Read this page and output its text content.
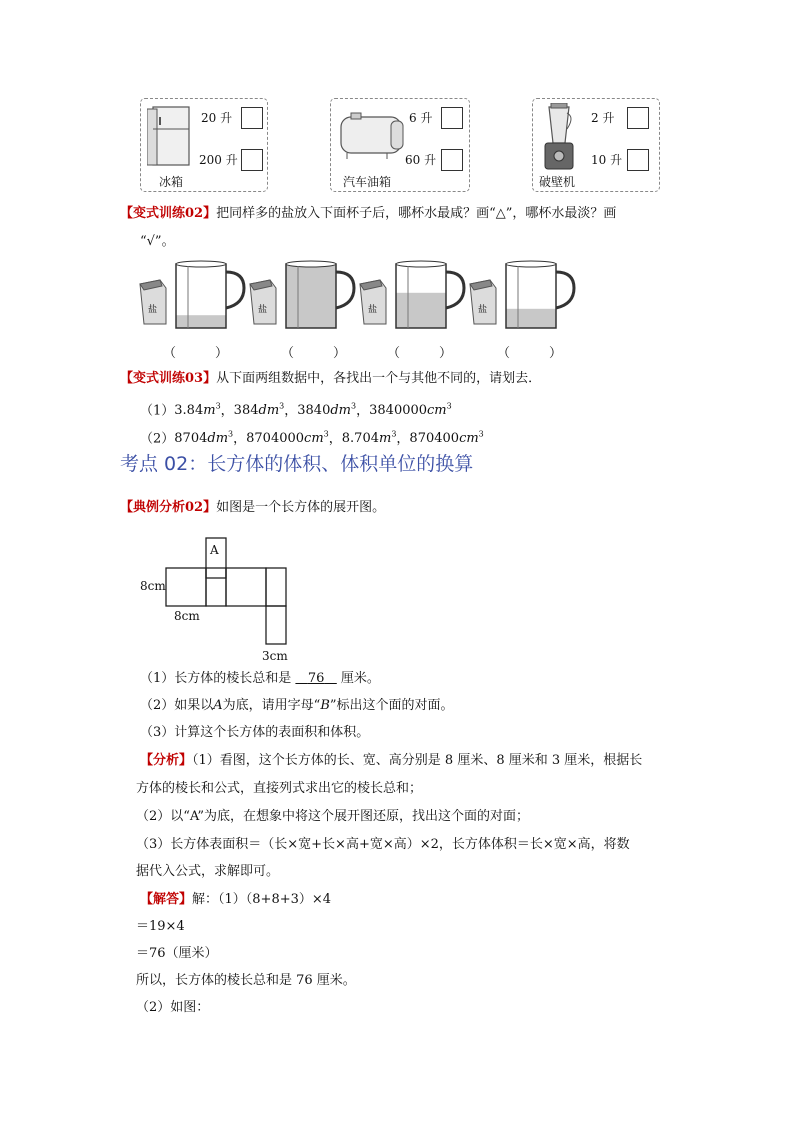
冰箱
20 升
200 升
汽车油箱
6 升
60 升
破壁机
2 升
10 升
【变式训练02】把同样多的盐放入下面杯子后，哪杯水最咸？画“△”，哪杯水最淡？画
“√”。
盐	盐	盐	盐
（　　　）	（　　　）	（　　　）	（　　　）
【变式训练03】从下面两组数据中，各找出一个与其他不同的，请划去．
$(1)3.84m^3$，$384dm^3$，$3840dm^3$，$3840000cm^3$
$(2)8704dm^3$，$8704000cm^3$，$8.704m^3$，$870400cm^3$
考点 02：长方体的体积、体积单位的换算
【典例分析02】如图是一个长方体的展开图。
A
8cm
8cm
3cm
（1）长方体的棱长总和是 76 厘米。
（2）如果以A为底，请用字母“B”标出这个面的对面。
（3）计算这个长方体的表面积和体积。
【分析】（1）看图，这个长方体的长、宽、高分别是 8 厘米、8 厘米和 3 厘米，根据长
方体的棱长和公式，直接列式求出它的棱长总和；
（2）以“A”为底，在想象中将这个展开图还原，找出这个面的对面；
（3）长方体表面积＝（长×宽+长×高+宽×高）×2，长方体体积＝长×宽×高，将数
据代入公式，求解即可。
【解答】解：（1）（8+8+3）×4
＝19×4
＝76（厘米）
所以，长方体的棱长总和是 76 厘米。
（2）如图：
